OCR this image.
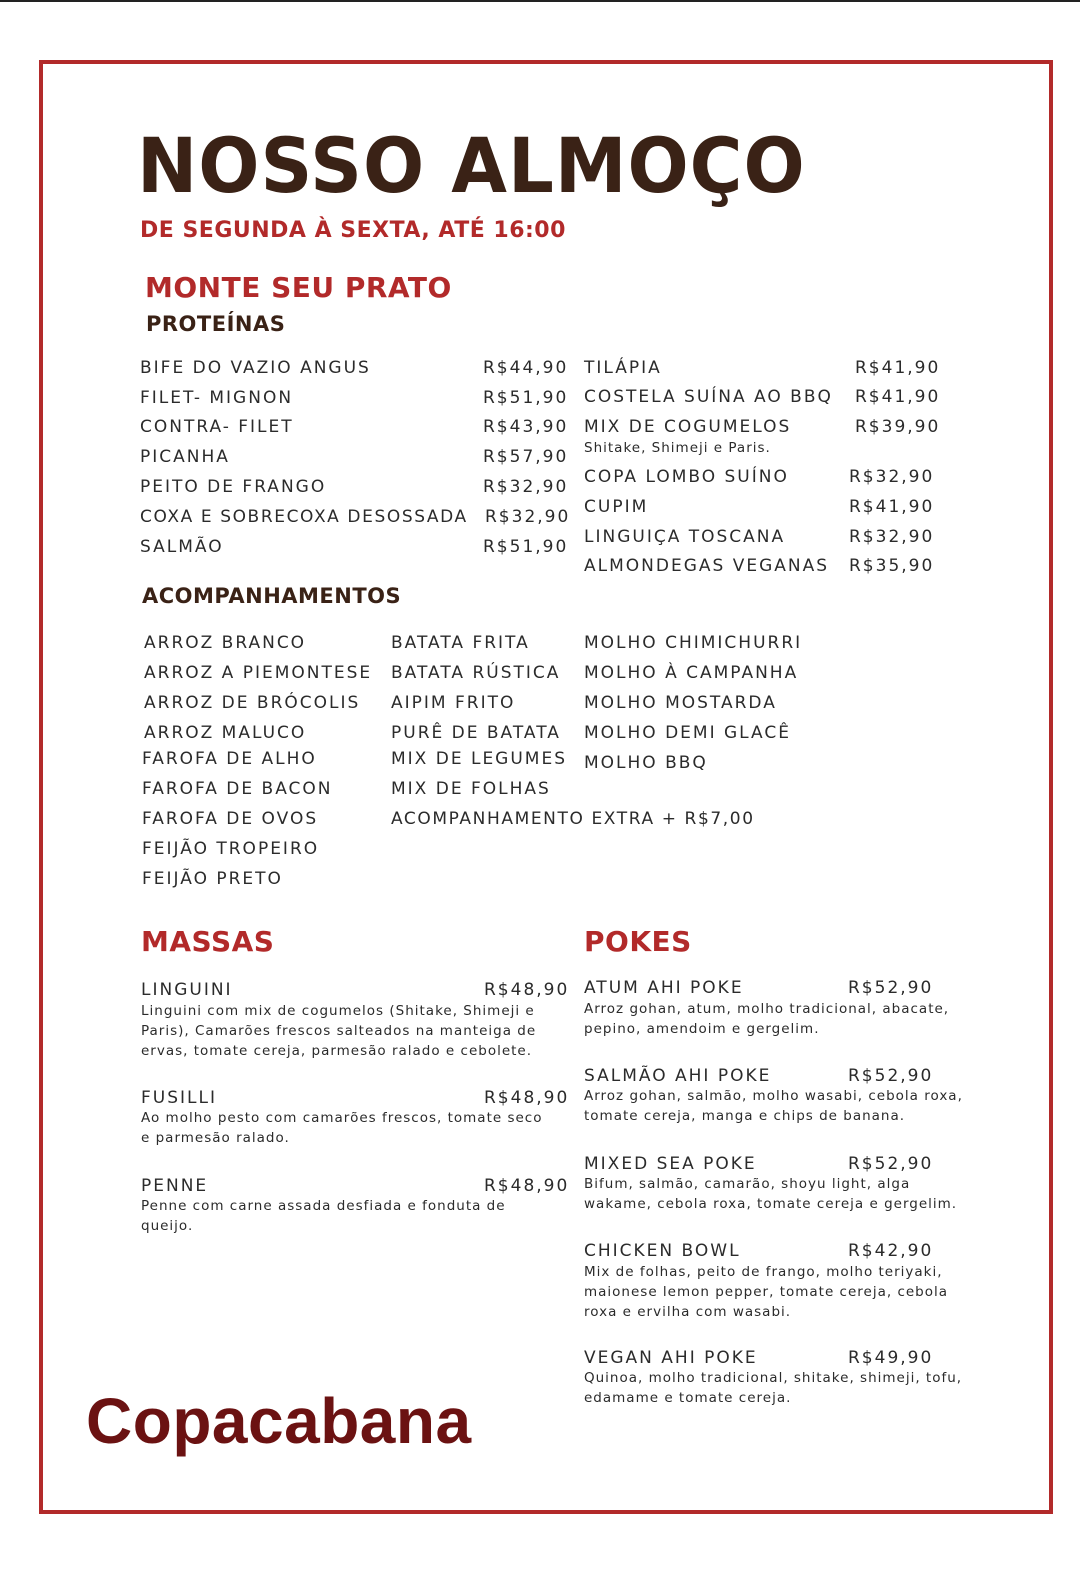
NOSSO ALMOÇO
DE SEGUNDA À SEXTA, ATÉ 16:00
MONTE SEU PRATO
PROTEÍNAS
BIFE DO VAZIO ANGUS	R$44,90
FILET- MIGNON	R$51,90
CONTRA- FILET	R$43,90
PICANHA	R$57,90
PEITO DE FRANGO	R$32,90
COXA E SOBRECOXA DESOSSADA R$32,90
SALMÃO	R$51,90
TILÁPIA	R$41,90
COSTELA SUÍNA AO BBQ R$41,90
MIX DE COGUMELOS	R$39,90
Shitake, Shimeji e Paris.
COPA LOMBO SUÍNO	R$32,90
CUPIM	R$41,90
LINGUIÇA TOSCANA	R$32,90
ALMONDEGAS VEGANAS R$35,90
ACOMPANHAMENTOS
ARROZ BRANCO
ARROZ A PIEMONTESE
ARROZ DE BRÓCOLIS
ARROZ MALUCO
FAROFA DE ALHO
FAROFA DE BACON
FAROFA DE OVOS
FEIJÃO TROPEIRO
FEIJÃO PRETO
BATATA FRITA
BATATA RÚSTICA
AIPIM FRITO
PURÊ DE BATATA
MIX DE LEGUMES
MIX DE FOLHAS
ACOMPANHAMENTO EXTRA + R$7,00
MOLHO CHIMICHURRI
MOLHO À CAMPANHA
MOLHO MOSTARDA
MOLHO DEMI GLACÊ
MOLHO BBQ
MASSAS
LINGUINI	R$48,90
Linguini com mix de cogumelos (Shitake, Shimeji e Paris), Camarões frescos salteados na manteiga de ervas, tomate cereja, parmesão ralado e cebolete.
FUSILLI	R$48,90
Ao molho pesto com camarões frescos, tomate seco e parmesão ralado.
PENNE	R$48,90
Penne com carne assada desfiada e fonduta de queijo.
POKES
ATUM AHI POKE	R$52,90
Arroz gohan, atum, molho tradicional, abacate, pepino, amendoim e gergelim.
SALMÃO AHI POKE	R$52,90
Arroz gohan, salmão, molho wasabi, cebola roxa, tomate cereja, manga e chips de banana.
MIXED SEA POKE	R$52,90
Bifum, salmão, camarão, shoyu light, alga wakame, cebola roxa, tomate cereja e gergelim.
CHICKEN BOWL	R$42,90
Mix de folhas, peito de frango, molho teriyaki, maionese lemon pepper, tomate cereja, cebola roxa e ervilha com wasabi.
VEGAN AHI POKE	R$49,90
Quinoa, molho tradicional, shitake, shimeji, tofu, edamame e tomate cereja.
Copacabana
